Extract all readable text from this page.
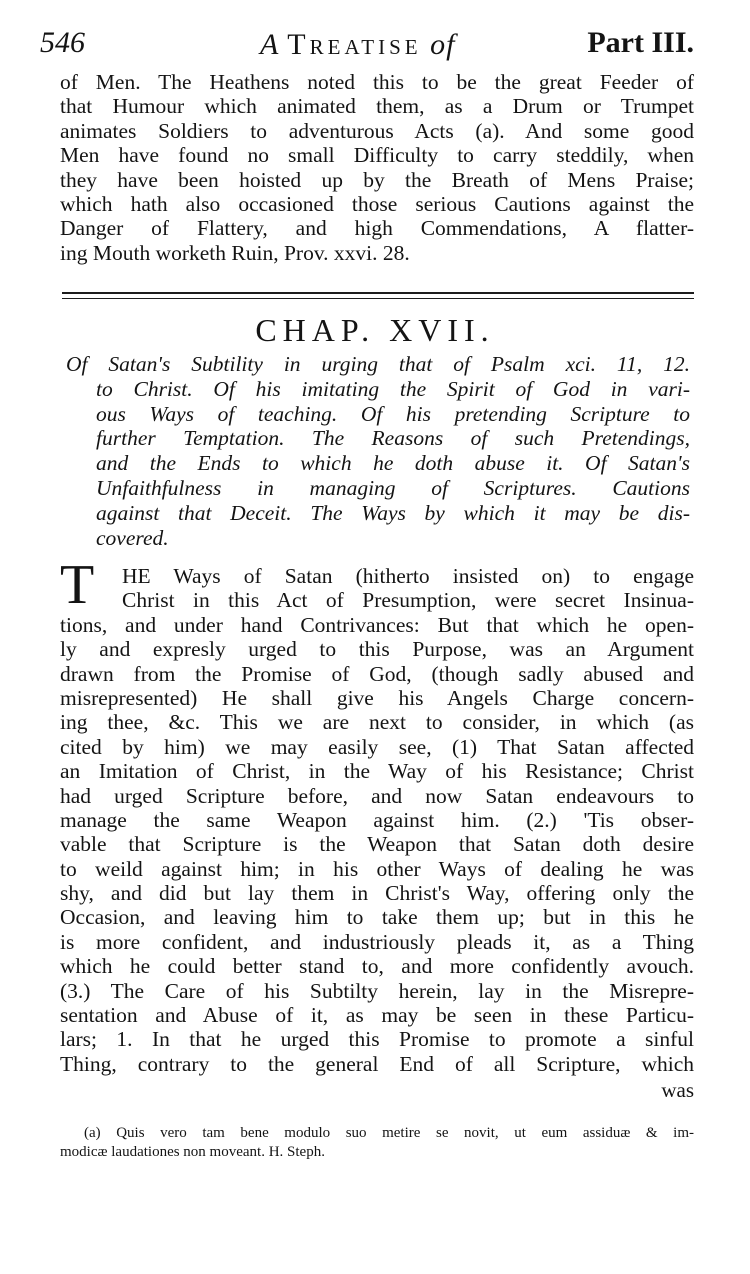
546	A Treatise of	Part III.
of Men. The Heathens noted this to be the great Feeder of
that Humour which animated them, as a Drum or Trumpet
animates Soldiers to adventurous Acts (a). And some good
Men have found no small Difficulty to carry steddily, when
they have been hoisted up by the Breath of Mens Praise;
which hath also occasioned those serious Cautions against the
Danger of Flattery, and high Commendations, A flatter-
ing Mouth worketh Ruin, Prov. xxvi. 28.
CHAP. XVII.
Of Satan's Subtility in urging that of Psalm xci. 11, 12.
to Christ. Of his imitating the Spirit of God in vari-
ous Ways of teaching. Of his pretending Scripture to
further Temptation. The Reasons of such Pretendings,
and the Ends to which he doth abuse it. Of Satan's
Unfaithfulness in managing of Scriptures. Cautions
against that Deceit. The Ways by which it may be dis-
covered.
T	HE Ways of Satan (hitherto insisted on) to engage
Christ in this Act of Presumption, were secret Insinua-
tions, and under hand Contrivances: But that which he open-
ly and expresly urged to this Purpose, was an Argument
drawn from the Promise of God, (though sadly abused and
misrepresented) He shall give his Angels Charge concern-
ing thee, &c. This we are next to consider, in which (as
cited by him) we may easily see, (1) That Satan affected
an Imitation of Christ, in the Way of his Resistance; Christ
had urged Scripture before, and now Satan endeavours to
manage the same Weapon against him. (2.) 'Tis obser-
vable that Scripture is the Weapon that Satan doth desire
to weild against him; in his other Ways of dealing he was
shy, and did but lay them in Christ's Way, offering only the
Occasion, and leaving him to take them up; but in this he
is more confident, and industriously pleads it, as a Thing
which he could better stand to, and more confidently avouch.
(3.) The Care of his Subtilty herein, lay in the Misrepre-
sentation and Abuse of it, as may be seen in these Particu-
lars; 1. In that he urged this Promise to promote a sinful
Thing, contrary to the general End of all Scripture, which
was
(a) Quis vero tam bene modulo suo metire se novit, ut eum assiduæ & im-
modicæ laudationes non moveant. H. Steph.
